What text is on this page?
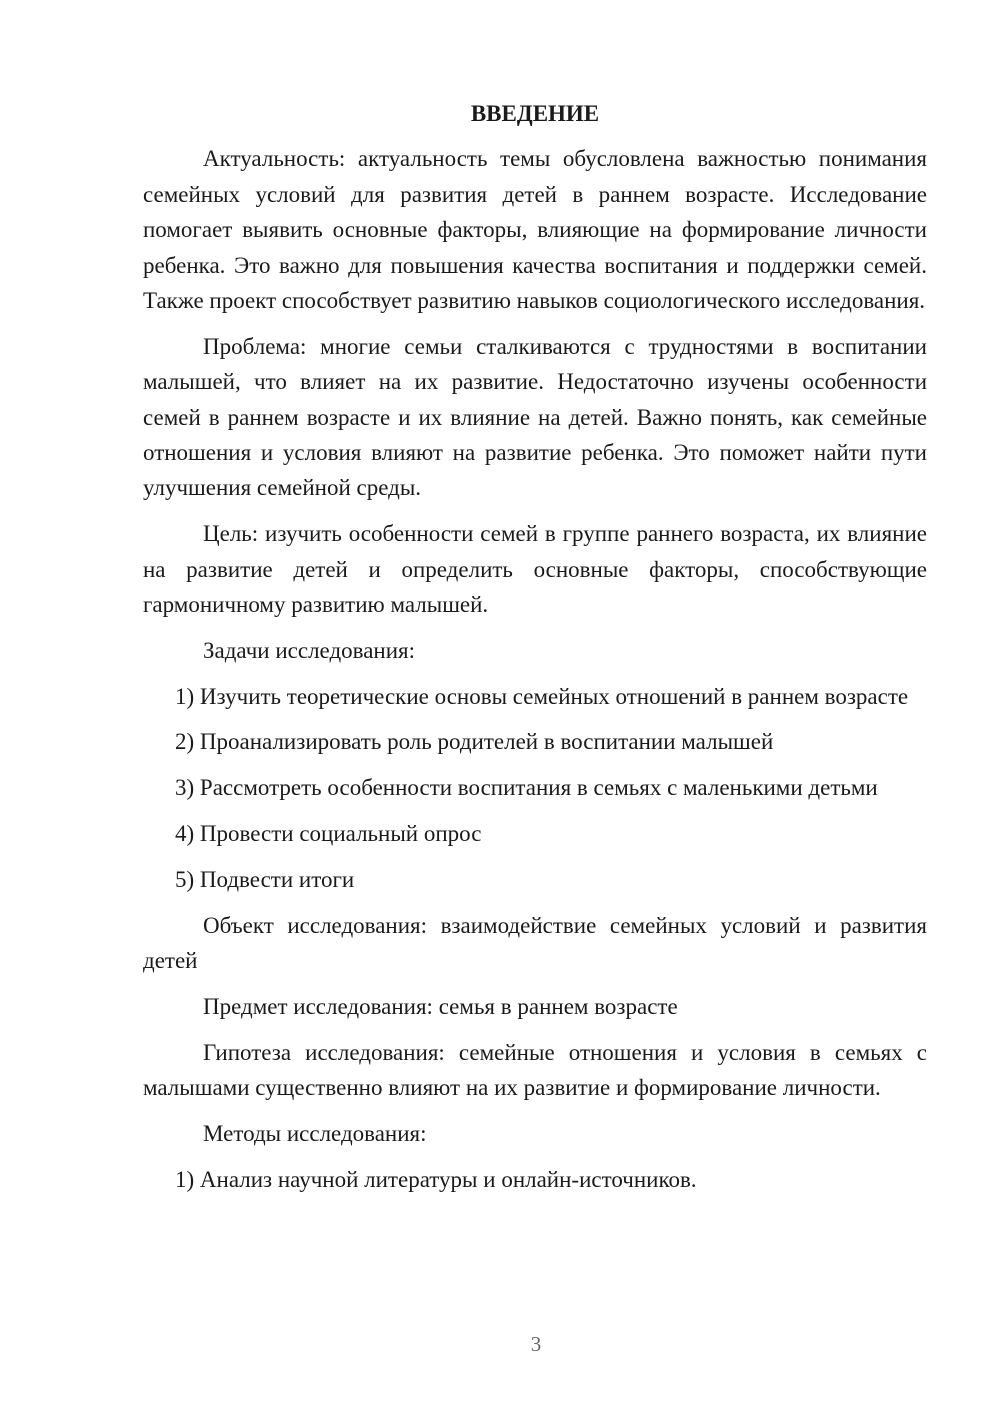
ВВЕДЕНИЕ

Актуальность: актуальность темы обусловлена важностью понимания семейных условий для развития детей в раннем возрасте. Исследование помогает выявить основные факторы, влияющие на формирование личности ребенка. Это важно для повышения качества воспитания и поддержки семей. Также проект способствует развитию навыков социологического исследования.

Проблема: многие семьи сталкиваются с трудностями в воспитании малышей, что влияет на их развитие. Недостаточно изучены особенности семей в раннем возрасте и их влияние на детей. Важно понять, как семейные отношения и условия влияют на развитие ребенка. Это поможет найти пути улучшения семейной среды.

Цель: изучить особенности семей в группе раннего возраста, их влияние на развитие детей и определить основные факторы, способствующие гармоничному развитию малышей.

Задачи исследования:

1) Изучить теоретические основы семейных отношений в раннем возрасте

2) Проанализировать роль родителей в воспитании малышей

3) Рассмотреть особенности воспитания в семьях с маленькими детьми

4) Провести социальный опрос

5) Подвести итоги

Объект исследования: взаимодействие семейных условий и развития детей

Предмет исследования: семья в раннем возрасте

Гипотеза исследования: семейные отношения и условия в семьях с малышами существенно влияют на их развитие и формирование личности.

Методы исследования:

1) Анализ научной литературы и онлайн-источников.

3
